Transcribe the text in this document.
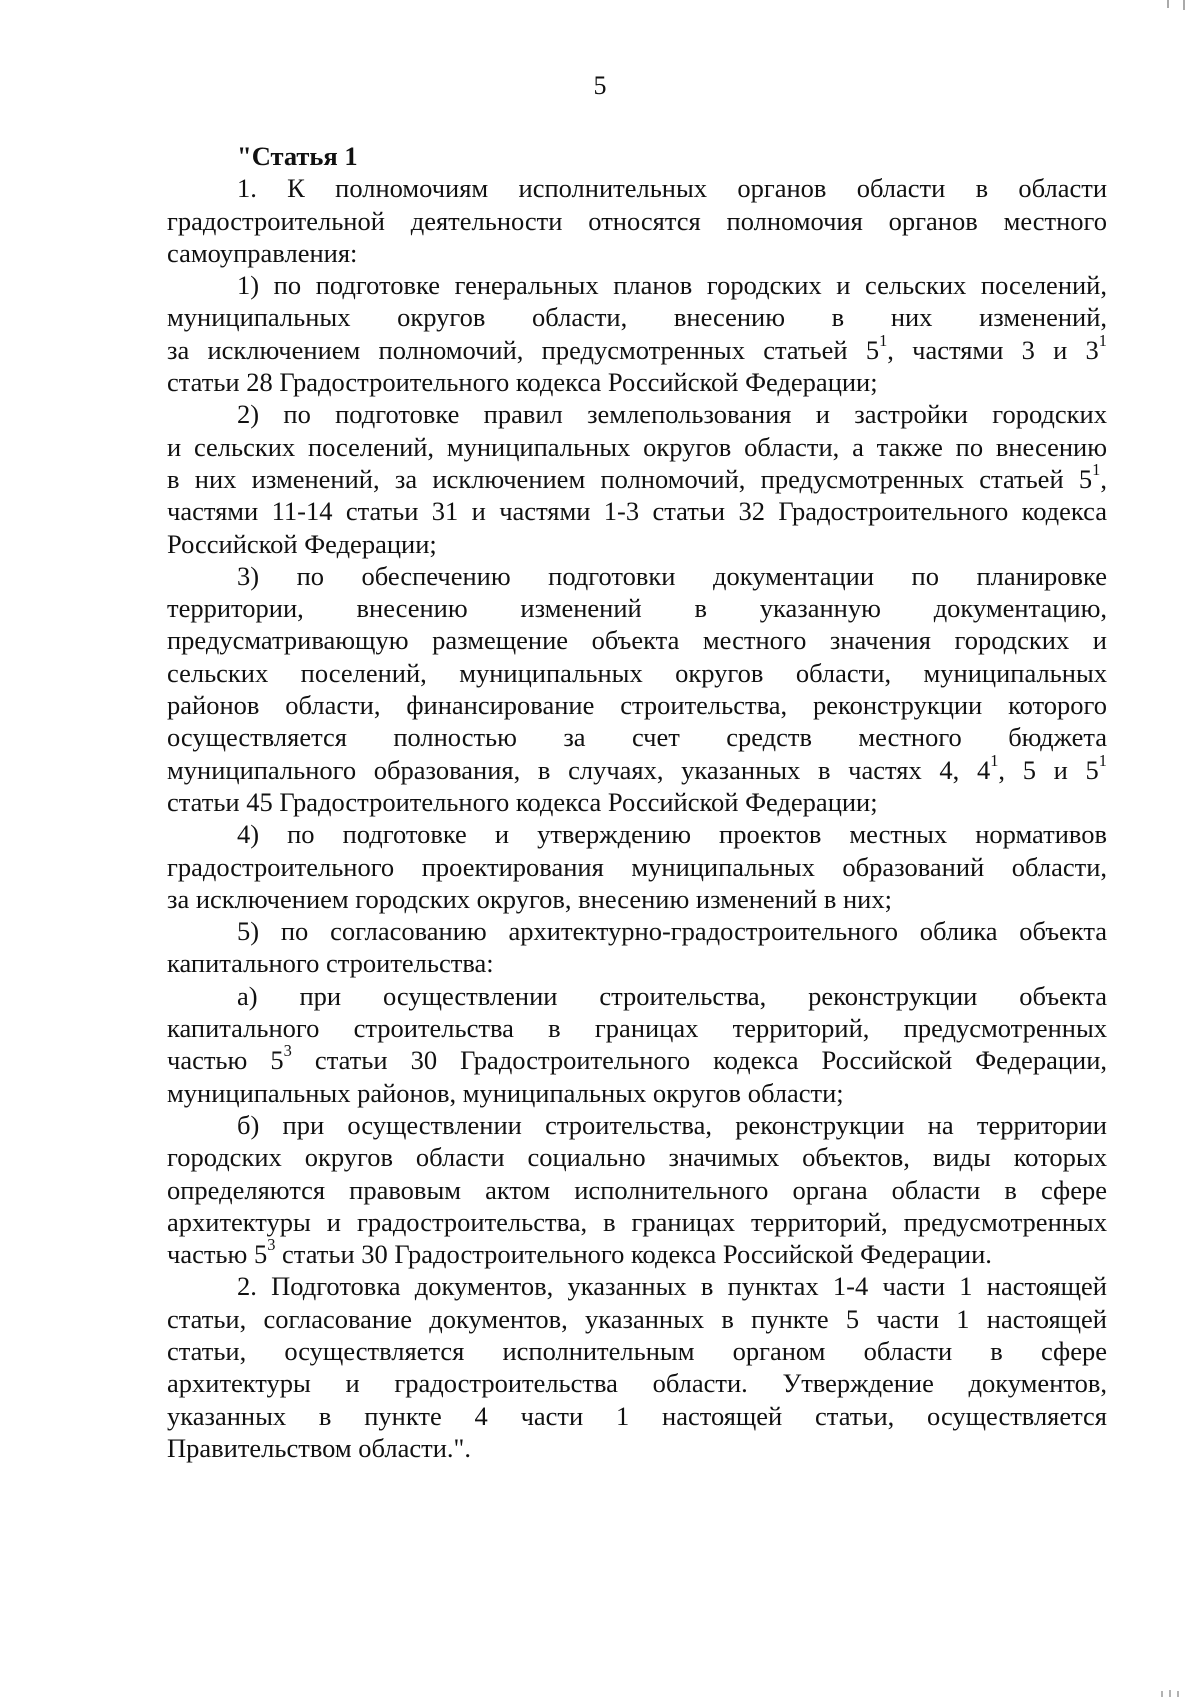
5
"Статья 1
1. К полномочиям исполнительных органов области в области
градостроительной деятельности относятся полномочия органов местного
самоуправления:
1) по подготовке генеральных планов городских и сельских поселений,
муниципальных округов области, внесению в них изменений,
за исключением полномочий, предусмотренных статьей $5^1$, частями 3 и $3^1$
статьи 28 Градостроительного кодекса Российской Федерации;
2) по подготовке правил землепользования и застройки городских
и сельских поселений, муниципальных округов области, а также по внесению
в них изменений, за исключением полномочий, предусмотренных статьей $5^1$,
частями 11-14 статьи 31 и частями 1-3 статьи 32 Градостроительного кодекса
Российской Федерации;
3) по обеспечению подготовки документации по планировке
территории, внесению изменений в указанную документацию,
предусматривающую размещение объекта местного значения городских и
сельских поселений, муниципальных округов области, муниципальных
районов области, финансирование строительства, реконструкции которого
осуществляется полностью за счет средств местного бюджета
муниципального образования, в случаях, указанных в частях 4, $4^1$, 5 и $5^1$
статьи 45 Градостроительного кодекса Российской Федерации;
4) по подготовке и утверждению проектов местных нормативов
градостроительного проектирования муниципальных образований области,
за исключением городских округов, внесению изменений в них;
5) по согласованию архитектурно-градостроительного облика объекта
капитального строительства:
а) при осуществлении строительства, реконструкции объекта
капитального строительства в границах территорий, предусмотренных
частью $5^3$ статьи 30 Градостроительного кодекса Российской Федерации,
муниципальных районов, муниципальных округов области;
б) при осуществлении строительства, реконструкции на территории
городских округов области социально значимых объектов, виды которых
определяются правовым актом исполнительного органа области в сфере
архитектуры и градостроительства, в границах территорий, предусмотренных
частью $5^3$ статьи 30 Градостроительного кодекса Российской Федерации.
2. Подготовка документов, указанных в пунктах 1-4 части 1 настоящей
статьи, согласование документов, указанных в пункте 5 части 1 настоящей
статьи, осуществляется исполнительным органом области в сфере
архитектуры и градостроительства области. Утверждение документов,
указанных в пункте 4 части 1 настоящей статьи, осуществляется
Правительством области.".
